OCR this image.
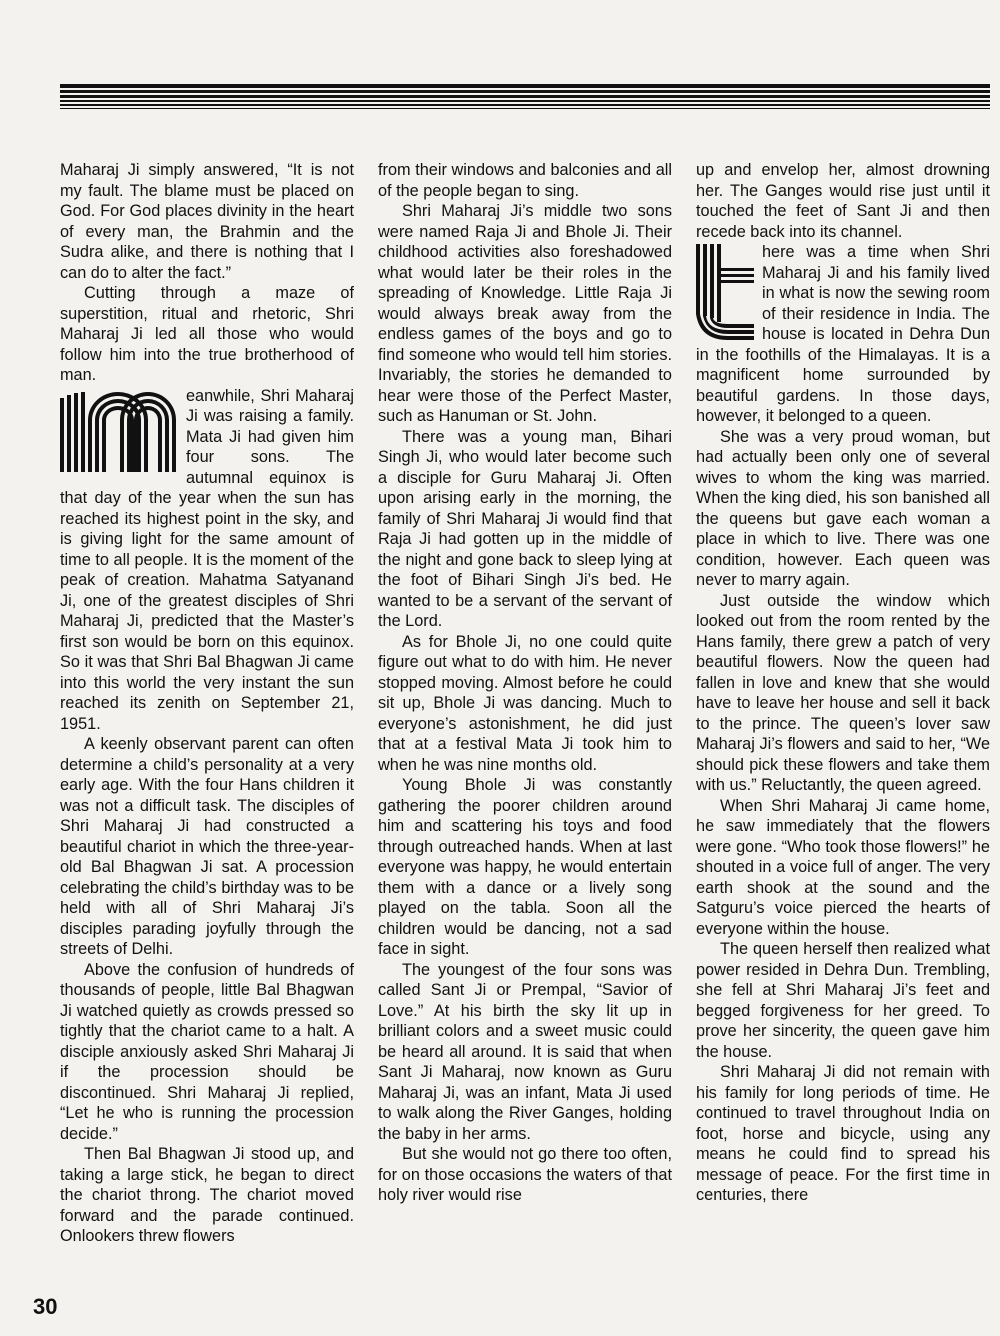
Maharaj Ji simply answered, “It is not my fault. The blame must be placed on God. For God places divinity in the heart of every man, the Brahmin and the Sudra alike, and there is nothing that I can do to alter the fact.”

Cutting through a maze of superstition, ritual and rhetoric, Shri Maharaj Ji led all those who would follow him into the true brotherhood of man.

eanwhile, Shri Maharaj Ji was raising a family. Mata Ji had given him four sons. The autumnal equinox is that day of the year when the sun has reached its highest point in the sky, and is giving light for the same amount of time to all people. It is the moment of the peak of creation. Mahatma Satyanand Ji, one of the greatest disciples of Shri Maharaj Ji, predicted that the Master’s first son would be born on this equinox. So it was that Shri Bal Bhagwan Ji came into this world the very instant the sun reached its zenith on September 21, 1951.

A keenly observant parent can often determine a child’s personality at a very early age. With the four Hans children it was not a difficult task. The disciples of Shri Maharaj Ji had constructed a beautiful chariot in which the three-year-old Bal Bhagwan Ji sat. A procession celebrating the child’s birthday was to be held with all of Shri Maharaj Ji’s disciples parading joyfully through the streets of Delhi.

Above the confusion of hundreds of thousands of people, little Bal Bhagwan Ji watched quietly as crowds pressed so tightly that the chariot came to a halt. A disciple anxiously asked Shri Maharaj Ji if the procession should be discontinued. Shri Maharaj Ji replied, “Let he who is running the procession decide.”

Then Bal Bhagwan Ji stood up, and taking a large stick, he began to direct the chariot throng. The chariot moved forward and the parade continued. Onlookers threw flowers

from their windows and balconies and all of the people began to sing.

Shri Maharaj Ji’s middle two sons were named Raja Ji and Bhole Ji. Their childhood activities also foreshadowed what would later be their roles in the spreading of Knowledge. Little Raja Ji would always break away from the endless games of the boys and go to find someone who would tell him stories. Invariably, the stories he demanded to hear were those of the Perfect Master, such as Hanuman or St. John.

There was a young man, Bihari Singh Ji, who would later become such a disciple for Guru Maharaj Ji. Often upon arising early in the morning, the family of Shri Maharaj Ji would find that Raja Ji had gotten up in the middle of the night and gone back to sleep lying at the foot of Bihari Singh Ji’s bed. He wanted to be a servant of the servant of the Lord.

As for Bhole Ji, no one could quite figure out what to do with him. He never stopped moving. Almost before he could sit up, Bhole Ji was dancing. Much to everyone’s astonishment, he did just that at a festival Mata Ji took him to when he was nine months old.

Young Bhole Ji was constantly gathering the poorer children around him and scattering his toys and food through outreached hands. When at last everyone was happy, he would entertain them with a dance or a lively song played on the tabla. Soon all the children would be dancing, not a sad face in sight.

The youngest of the four sons was called Sant Ji or Prempal, “Savior of Love.” At his birth the sky lit up in brilliant colors and a sweet music could be heard all around. It is said that when Sant Ji Maharaj, now known as Guru Maharaj Ji, was an infant, Mata Ji used to walk along the River Ganges, holding the baby in her arms.

But she would not go there too often, for on those occasions the waters of that holy river would rise

up and envelop her, almost drowning her. The Ganges would rise just until it touched the feet of Sant Ji and then recede back into its channel.

here was a time when Shri Maharaj Ji and his family lived in what is now the sewing room of their residence in India. The house is located in Dehra Dun in the foothills of the Himalayas. It is a magnificent home surrounded by beautiful gardens. In those days, however, it belonged to a queen.

She was a very proud woman, but had actually been only one of several wives to whom the king was married. When the king died, his son banished all the queens but gave each woman a place in which to live. There was one condition, however. Each queen was never to marry again.

Just outside the window which looked out from the room rented by the Hans family, there grew a patch of very beautiful flowers. Now the queen had fallen in love and knew that she would have to leave her house and sell it back to the prince. The queen’s lover saw Maharaj Ji’s flowers and said to her, “We should pick these flowers and take them with us.” Reluctantly, the queen agreed.

When Shri Maharaj Ji came home, he saw immediately that the flowers were gone. “Who took those flowers!” he shouted in a voice full of anger. The very earth shook at the sound and the Satguru’s voice pierced the hearts of everyone within the house.

The queen herself then realized what power resided in Dehra Dun. Trembling, she fell at Shri Maharaj Ji’s feet and begged forgiveness for her greed. To prove her sincerity, the queen gave him the house.

Shri Maharaj Ji did not remain with his family for long periods of time. He continued to travel throughout India on foot, horse and bicycle, using any means he could find to spread his message of peace. For the first time in centuries, there

30
